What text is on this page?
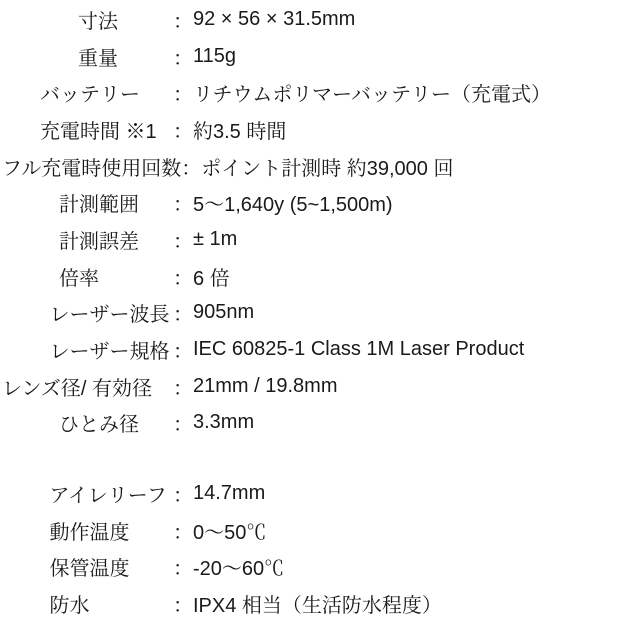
寸法	： 92 × 56 × 31.5mm
重量	： 115g
バッテリー	： リチウムポリマーバッテリー（充電式）
充電時間 ※1 ： 約3.5 時間
フル充電時使用回数 ： ポイント計測時 約39,000 回
計測範囲	： 5～1,640y (5~1,500m)
計測誤差	： ± 1m
倍率	： 6 倍
レーザー波長 ： 905nm
レーザー規格 ： IEC 60825-1 Class 1M Laser Product
レンズ径/ 有効径	： 21mm / 19.8mm
ひとみ径	： 3.3mm
アイレリーフ ： 14.7mm
動作温度	： 0～50℃
保管温度	： -20～60℃
防水	： IPX4 相当（生活防水程度）
